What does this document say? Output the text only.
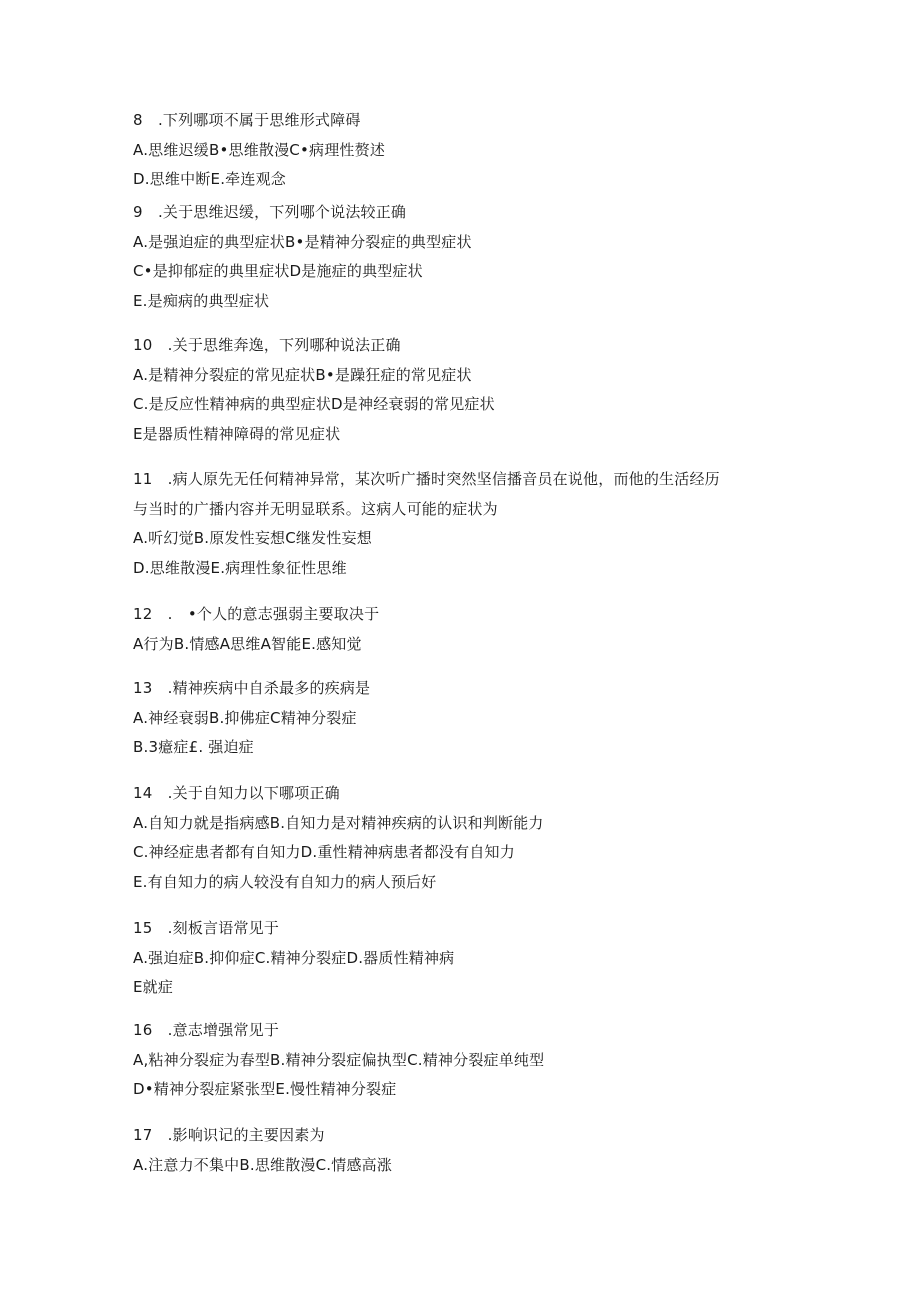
8　.下列哪项不属于思维形式障碍
A.思维迟缓B•思维散漫C•病理性赘述
D.思维中断E.牵连观念
9　.关于思维迟缓，下列哪个说法较正确
A.是强迫症的典型症状B•是精神分裂症的典型症状
C•是抑郁症的典里症状D是施症的典型症状
E.是痴病的典型症状
10　.关于思维奔逸，下列哪种说法正确
A.是精神分裂症的常见症状B•是躁狂症的常见症状
C.是反应性精神病的典型症状D是神经衰弱的常见症状
E是器质性精神障碍的常见症状
11　.病人原先无任何精神异常，某次听广播时突然坚信播音员在说他，而他的生活经历
与当时的广播内容并无明显联系。这病人可能的症状为
A.听幻觉B.原发性妄想C继发性妄想
D.思维散漫E.病理性象征性思维
12　.　•个人的意志强弱主要取决于
A行为B.情感A思维A智能E.感知觉
13　.精神疾病中自杀最多的疾病是
A.神经衰弱B.抑佛症C精神分裂症
B.3癔症£. 强迫症
14　.关于自知力以下哪项正确
A.自知力就是指病感B.自知力是对精神疾病的认识和判断能力
C.神经症患者都有自知力D.重性精神病患者都没有自知力
E.有自知力的病人较没有自知力的病人预后好
15　.刻板言语常见于
A.强迫症B.抑仰症C.精神分裂症D.器质性精神病
E就症
16　.意志增强常见于
A,粘神分裂症为春型B.精神分裂症偏执型C.精神分裂症单纯型
D•精神分裂症紧张型E.慢性精神分裂症
17　.影响识记的主要因素为
A.注意力不集中B.思维散漫C.情感高涨
